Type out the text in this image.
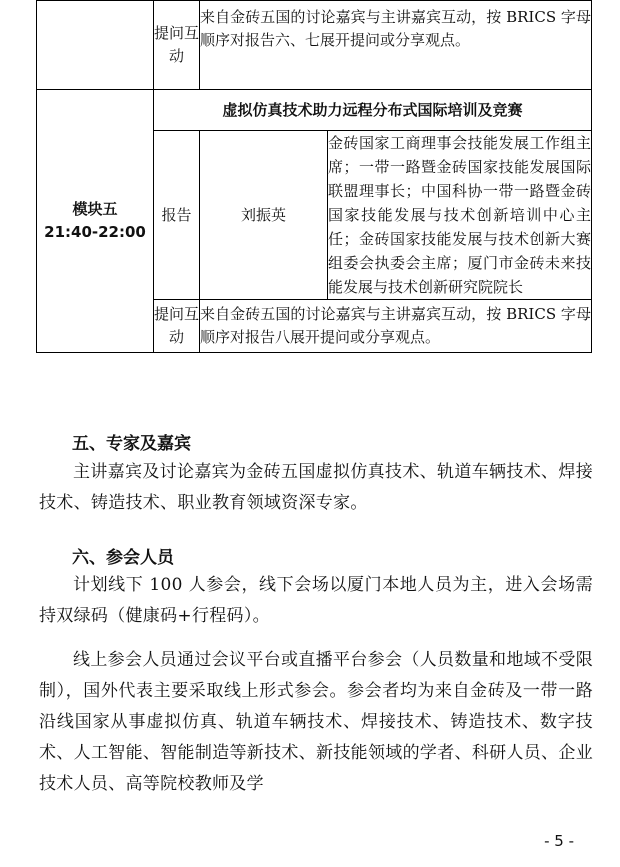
	提问互动	来自金砖五国的讨论嘉宾与主讲嘉宾互动，按 BRICS 字母顺序对报告六、七展开提问或分享观点。	

模块五
21:40-22:00	虚拟仿真技术助力远程分布式国际培训及竞赛		
	报告	刘振英	金砖国家工商理事会技能发展工作组主席；一带一路暨金砖国家技能发展国际联盟理事长；中国科协一带一路暨金砖国家技能发展与技术创新培训中心主任；金砖国家技能发展与技术创新大赛组委会执委会主席；厦门市金砖未来技能发展与技术创新研究院院长
	提问互动	来自金砖五国的讨论嘉宾与主讲嘉宾互动，按 BRICS 字母顺序对报告八展开提问或分享观点。	
五、专家及嘉宾
主讲嘉宾及讨论嘉宾为金砖五国虚拟仿真技术、轨道车辆技术、焊接技术、铸造技术、职业教育领域资深专家。
六、参会人员
计划线下 100 人参会，线下会场以厦门本地人员为主，进入会场需持双绿码（健康码+行程码）。
线上参会人员通过会议平台或直播平台参会（人员数量和地域不受限制），国外代表主要采取线上形式参会。参会者均为来自金砖及一带一路沿线国家从事虚拟仿真、轨道车辆技术、焊接技术、铸造技术、数字技术、人工智能、智能制造等新技术、新技能领域的学者、科研人员、企业技术人员、高等院校教师及学
- 5 -
